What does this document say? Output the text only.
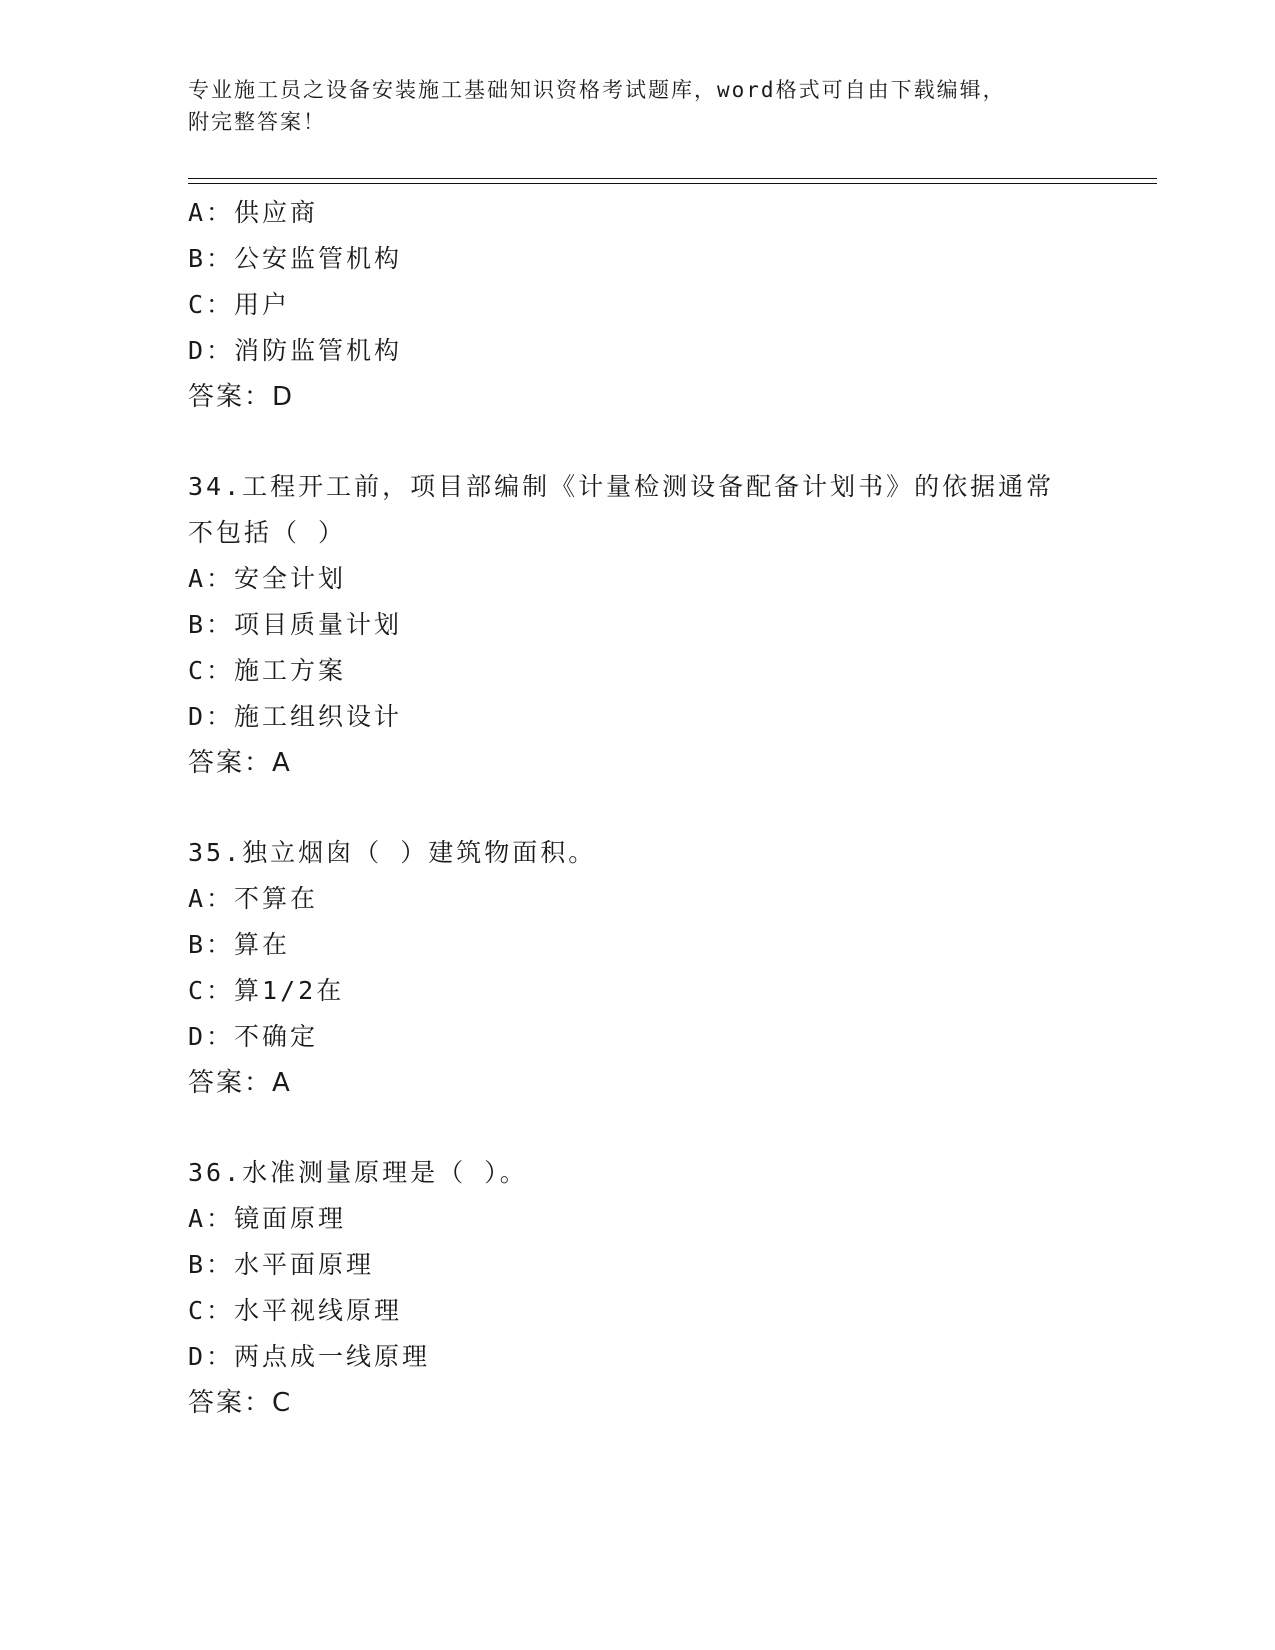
专业施工员之设备安装施工基础知识资格考试题库，word格式可自由下载编辑，
附完整答案！
A：供应商
B：公安监管机构
C：用户
D：消防监管机构
答案：D
34.工程开工前，项目部编制《计量检测设备配备计划书》的依据通常
不包括（ ）
A：安全计划
B：项目质量计划
C：施工方案
D：施工组织设计
答案：A
35.独立烟囱（ ）建筑物面积。
A：不算在
B：算在
C：算1/2在
D：不确定
答案：A
36.水准测量原理是（ ）。
A：镜面原理
B：水平面原理
C：水平视线原理
D：两点成一线原理
答案：C
